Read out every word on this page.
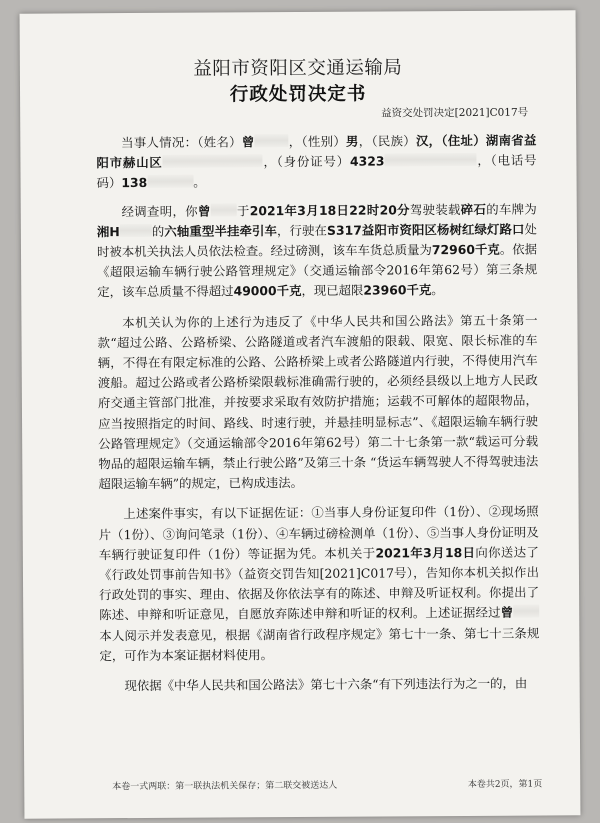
益阳市资阳区交通运输局
行政处罚决定书
益资交处罚决定[2021]C017号

当事人情况：（姓名）曾	，（性别）男，（民族）汉，（住址）湖南省益阳市赫山区	，（身份证号）4323	，（电话号码）138	。

经调查明，你曾 于2021年3月18日22时20分驾驶装载碎石的车牌为湘H	的六轴重型半挂牵引车，行驶在S317益阳市资阳区杨树红绿灯路口处时被本机关执法人员依法检查。经过磅测，该车车货总质量为72960千克。依据《超限运输车辆行驶公路管理规定》（交通运输部令2016年第62号）第三条规定，该车总质量不得超过49000千克，现已超限23960千克。

本机关认为你的上述行为违反了《中华人民共和国公路法》第五十条第一款“超过公路、公路桥梁、公路隧道或者汽车渡船的限载、限宽、限长标准的车辆，不得在有限定标准的公路、公路桥梁上或者公路隧道内行驶，不得使用汽车渡船。超过公路或者公路桥梁限载标准确需行驶的，必须经县级以上地方人民政府交通主管部门批准，并按要求采取有效防护措施；运载不可解体的超限物品，应当按照指定的时间、路线、时速行驶，并悬挂明显标志”、《超限运输车辆行驶公路管理规定》（交通运输部令2016年第62号）第二十七条第一款“载运可分载物品的超限运输车辆，禁止行驶公路”及第三十条 “货运车辆驾驶人不得驾驶违法超限运输车辆”的规定，已构成违法。

上述案件事实，有以下证据佐证：①当事人身份证复印件（1份）、②现场照片（1份）、③询问笔录（1份）、④车辆过磅检测单（1份）、⑤当事人身份证明及车辆行驶证复印件（1份）等证据为凭。本机关于2021年3月18日向你送达了《行政处罚事前告知书》（益资交罚告知[2021]C017号），告知你本机关拟作出行政处罚的事实、理由、依据及你依法享有的陈述、申辩及听证权利。你提出了陈述、申辩和听证意见，自愿放弃陈述申辩和听证的权利。上述证据经过曾本人阅示并发表意见，根据《湖南省行政程序规定》第七十一条、第七十三条规定，可作为本案证据材料使用。

现依据《中华人民共和国公路法》第七十六条“有下列违法行为之一的，由

本卷一式两联：第一联执法机关保存；第二联交被送达人	本卷共2页，第1页
